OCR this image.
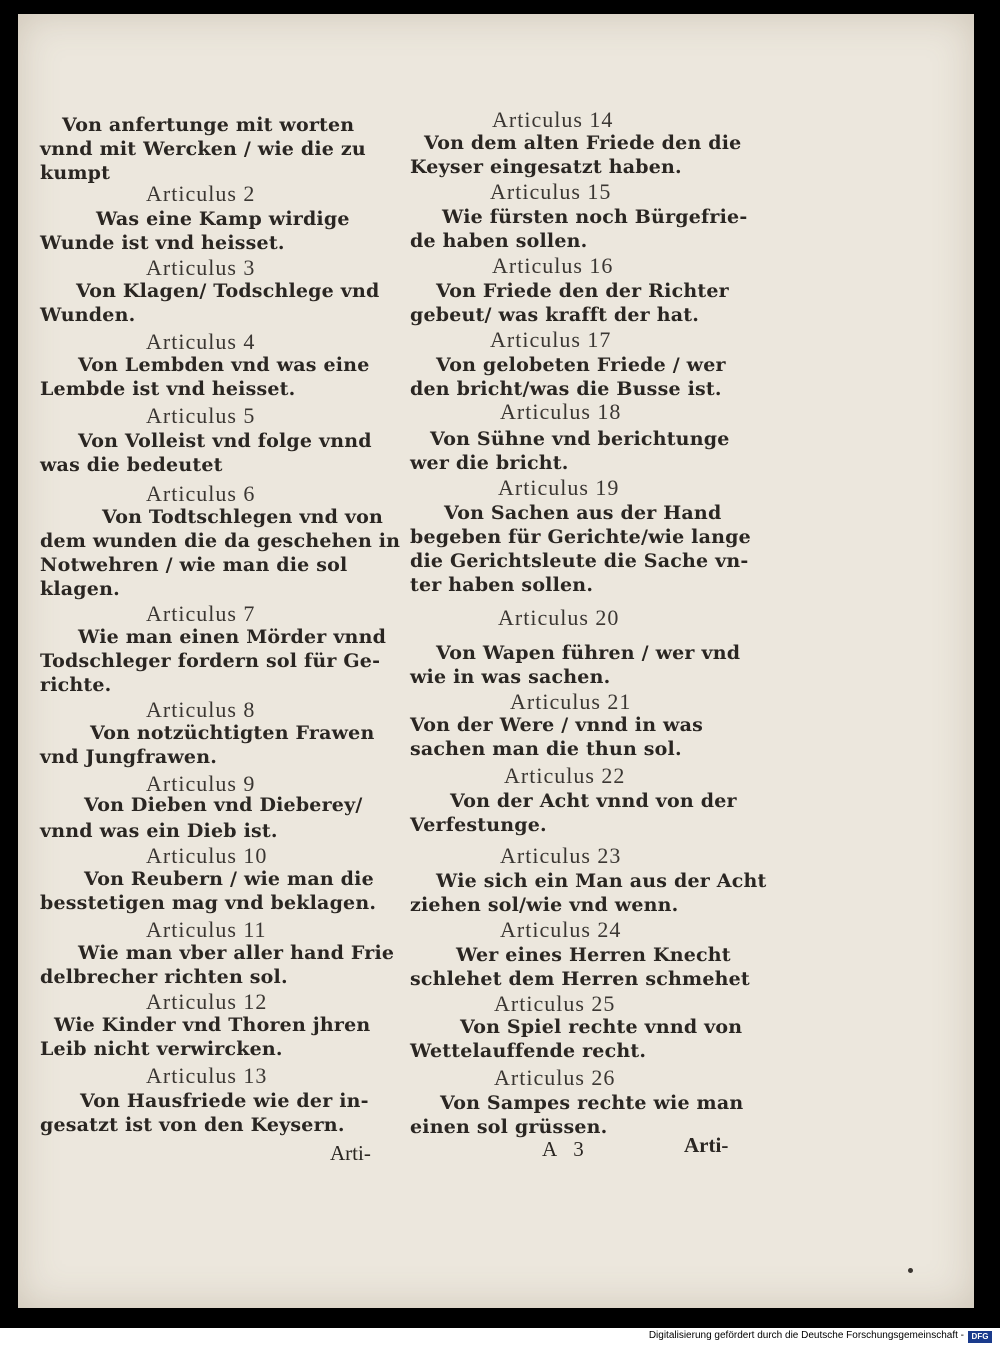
Von anfertunge mit worten
vnnd mit Wercken / wie die zu
kumpt
Articulus 2
Was eine Kamp wirdige
Wunde ist vnd heisset.
Articulus 3
Von Klagen/ Todschlege vnd
Wunden.
Articulus 4
Von Lembden vnd was eine
Lembde ist vnd heisset.
Articulus 5
Von Volleist vnd folge vnnd
was die bedeutet
Articulus 6
Von Todtschlegen vnd von
dem wunden die da geschehen in
Notwehren / wie man die sol
klagen.
Articulus 7
Wie man einen Mörder vnnd
Todschleger fordern sol für Ge-
richte.
Articulus 8
Von notzüchtigten Frawen
vnd Jungfrawen.
Articulus 9
Von Dieben vnd Dieberey/
vnnd was ein Dieb ist.
Articulus 10
Von Reubern / wie man die
besstetigen mag vnd beklagen.
Articulus 11
Wie man vber aller hand Frie
delbrecher richten sol.
Articulus 12
Wie Kinder vnd Thoren jhren
Leib nicht verwircken.
Articulus 13
Von Hausfriede wie der in-
gesatzt ist von den Keysern.
Articulus 14
Von dem alten Friede den die
Keyser eingesatzt haben.
Articulus 15
Wie fürsten noch Bürgefrie-
de haben sollen.
Articulus 16
Von Friede den der Richter
gebeut/ was krafft der hat.
Articulus 17
Von gelobeten Friede / wer
den bricht/was die Busse ist.
Articulus 18
Von Sühne vnd berichtunge
wer die bricht.
Articulus 19
Von Sachen aus der Hand
begeben für Gerichte/wie lange
die Gerichtsleute die Sache vn-
ter haben sollen.
Articulus 20
Von Wapen führen / wer vnd
wie in was sachen.
Articulus 21
Von der Were / vnnd in was
sachen man die thun sol.
Articulus 22
Von der Acht vnnd von der
Verfestunge.
Articulus 23
Wie sich ein Man aus der Acht
ziehen sol/wie vnd wenn.
Articulus 24
Wer eines Herren Knecht
schlehet dem Herren schmehet
Articulus 25
Von Spiel rechte vnnd von
Wettelauffende recht.
Articulus 26
Von Sampes rechte wie man
einen sol grüssen.
Arti-	A 3	Arti-
Digitalisierung gefördert durch die Deutsche Forschungsgemeinschaft - DFG
